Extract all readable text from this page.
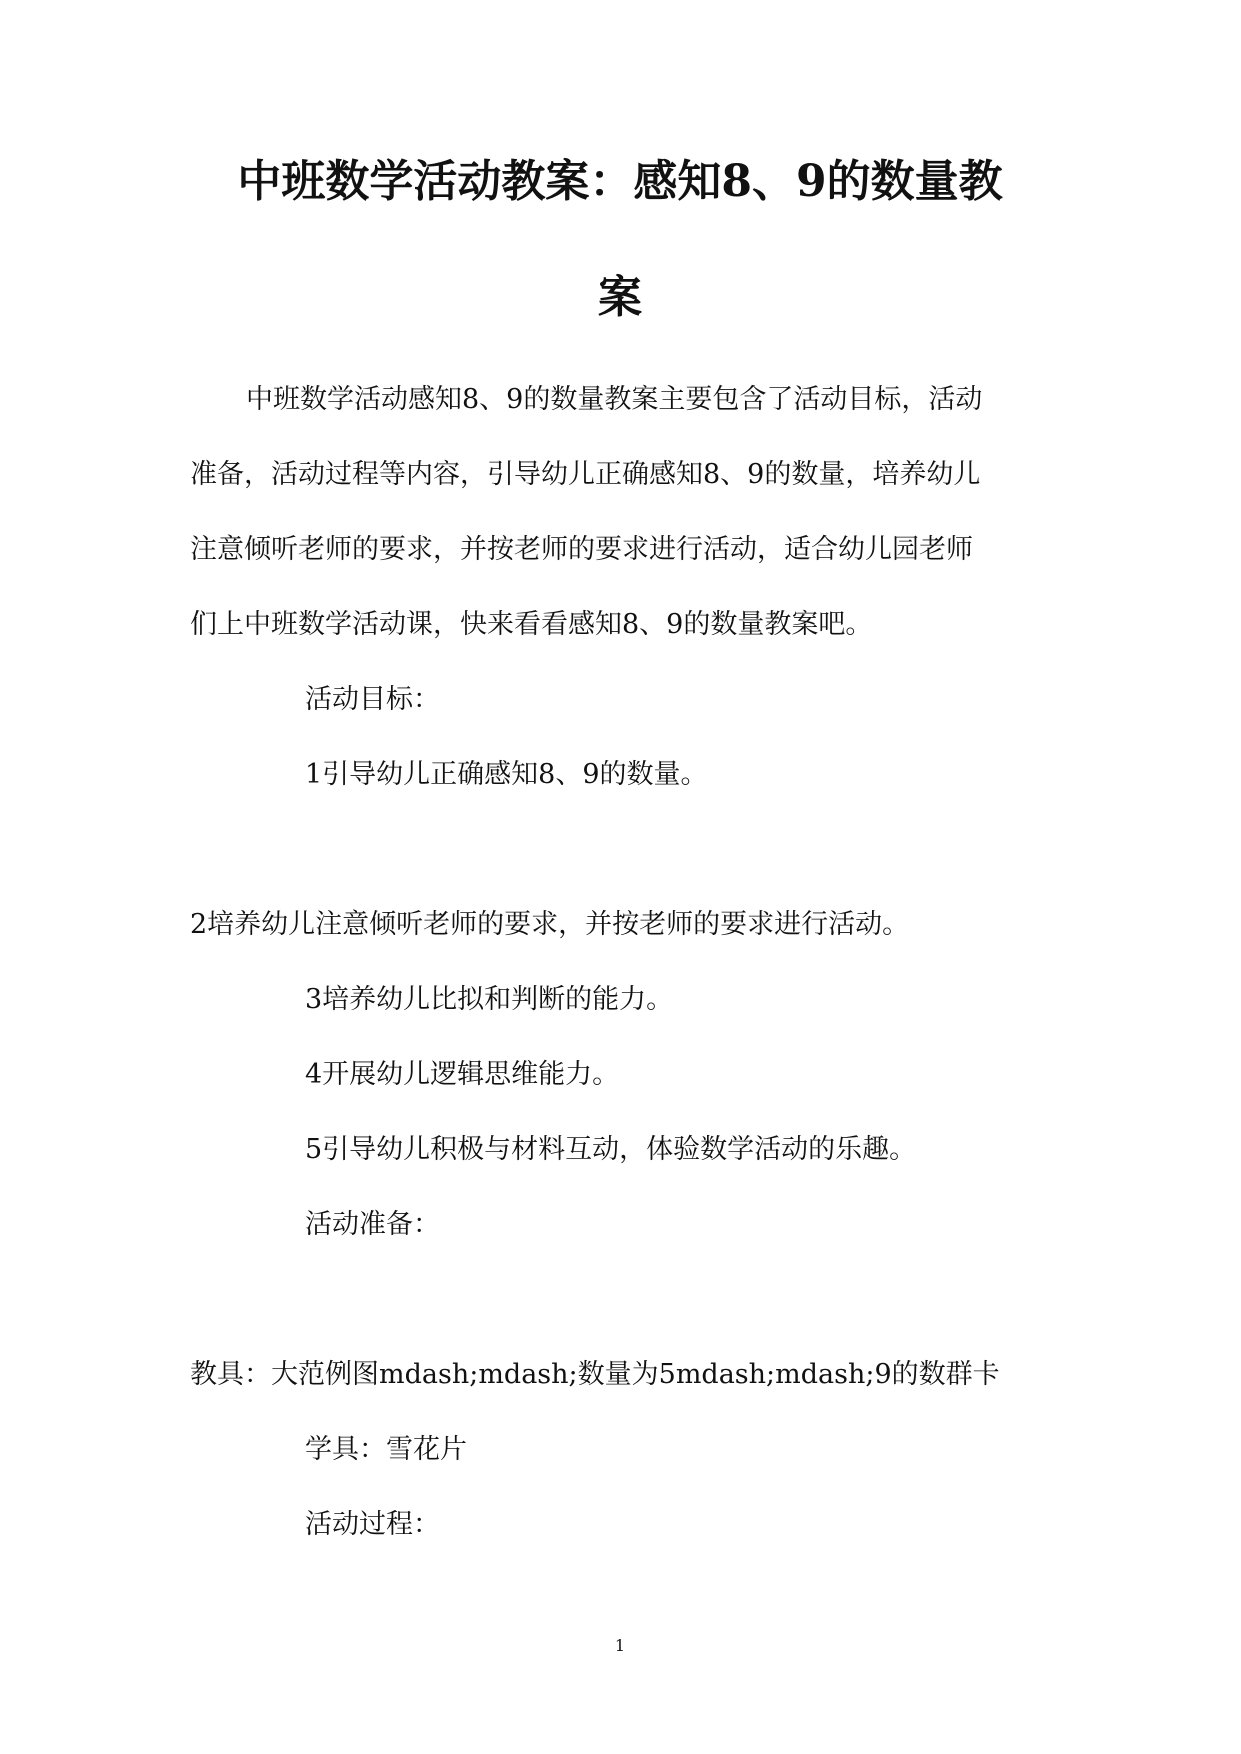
中班数学活动教案：感知8、9的数量教
案
中班数学活动感知8、9的数量教案主要包含了活动目标，活动
准备，活动过程等内容，引导幼儿正确感知8、9的数量，培养幼儿
注意倾听老师的要求，并按老师的要求进行活动，适合幼儿园老师
们上中班数学活动课，快来看看感知8、9的数量教案吧。
活动目标：
1引导幼儿正确感知8、9的数量。
2培养幼儿注意倾听老师的要求，并按老师的要求进行活动。
3培养幼儿比拟和判断的能力。
4开展幼儿逻辑思维能力。
5引导幼儿积极与材料互动，体验数学活动的乐趣。
活动准备：
教具：大范例图mdash;mdash;数量为5mdash;mdash;9的数群卡
学具：雪花片
活动过程：
1
